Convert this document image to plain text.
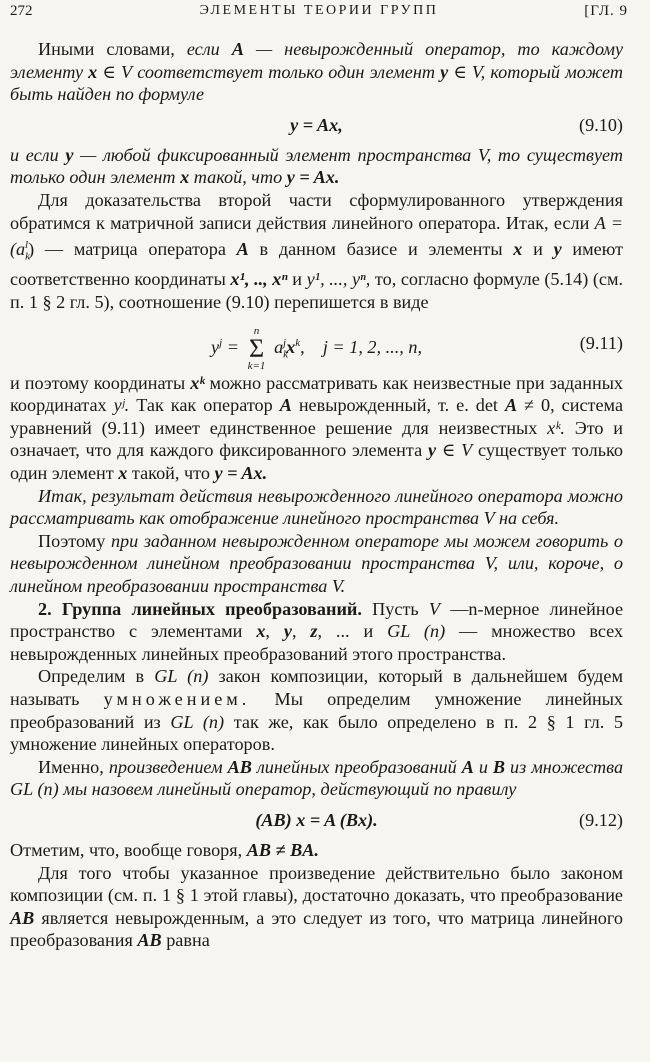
272	ЭЛЕМЕНТЫ ТЕОРИИ ГРУПП	[ГЛ. 9

Иными словами, если A — невырожденный оператор, то каждому элементу x ∈ V соответствует только один элемент y ∈ V, который может быть найден по формуле

y = Ax,	(9.10)

и если y — любой фиксированный элемент пространства V, то существует только один элемент x такой, что y = Ax.

Для доказательства второй части сформулированного утверждения обратимся к матричной записи действия линейного оператора. Итак, если $A = (a_k^l)$ — матрица оператора A в данном базисе и элементы x и y имеют соответственно координаты x¹, .., xⁿ и y¹, ..., yⁿ, то, согласно формуле (5.14) (см. п. 1 § 2 гл. 5), соотношение (9.10) перепишется в виде

$y^j$ =
n
Σ
k=1
$a_k^jx^k$,    j = 1, 2, ..., n,	(9.11)

и поэтому координаты xᵏ можно рассматривать как неизвестные при заданных координатах yʲ. Так как оператор A невырожденный, т. е. det A ≠ 0, система уравнений (9.11) имеет единственное решение для неизвестных xᵏ. Это и означает, что для каждого фиксированного элемента y ∈ V существует только один элемент x такой, что y = Ax.

Итак, результат действия невырожденного линейного оператора можно рассматривать как отображение линейного пространства V на себя.

Поэтому при заданном невырожденном операторе мы можем говорить о невырожденном линейном преобразовании пространства V, или, короче, о линейном преобразовании пространства V.

2. Группа линейных преобразований. Пусть V —n-мерное линейное пространство с элементами x, y, z, ... и GL (n) — множество всех невырожденных линейных преобразований этого пространства.

Определим в GL (n) закон композиции, который в дальнейшем будем называть умножением. Мы определим умножение линейных преобразований из GL (n) так же, как было определено в п. 2 § 1 гл. 5 умножение линейных операторов.

Именно, произведением AB линейных преобразований A и B из множества GL (n) мы назовем линейный оператор, действующий по правилу

(AB) x = A (Bx).	(9.12)

Отметим, что, вообще говоря, AB ≠ BA.

Для того чтобы указанное произведение действительно было законом композиции (см. п. 1 § 1 этой главы), достаточно доказать, что преобразование AB является невырожденным, а это следует из того, что матрица линейного преобразования AB равна
